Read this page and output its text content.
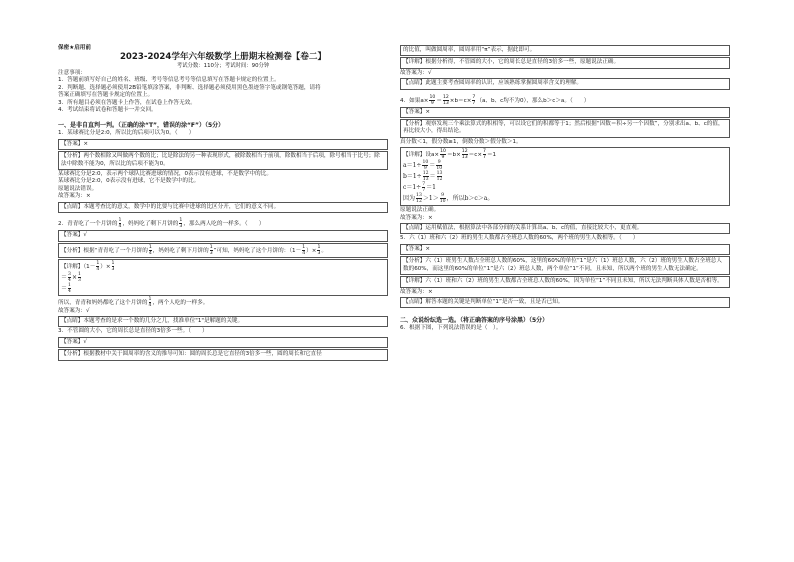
保密★启用前
2023-2024学年六年级数学上册期末检测卷【卷二】
考试分数：110分；考试时间：90分钟
注意事项：
1．答题前填写好自己的姓名、班级、考号等信息考号等信息填写在答题卡规定的位置上。
2．判断题、选择题必须使用2B铅笔填涂答案，非判断、选择题必须使用黑色墨迹签字笔或钢笔答题，请将
答案正确填写在答题卡规定的位置上。
3．所有题目必须在答题卡上作答，在试卷上作答无效。
4．考试结束将试卷和答题卡一并交回。
一、是非自直判一判。（正确的涂“T”，错误的涂“F”）（5分）
1．某球赛比分是2:0，所以比的后项可以为0。（　　）
【答案】×
【分析】两个数相除又叫做两个数的比；比是除法的另一种表现形式，被除数相当于前项，除数相当于后项，除号相当于比号；除法中除数不能为0，所以比的后项不能为0。
某球赛比分是2:0，表示两个球队比赛进球的情况，0表示没有进球，不是数学中的比。
某球赛比分是2:0，0表示没有进球，它不是数学中的比。
原题说法错误。
故答案为：×
【点睛】本题考查比的意义，数学中的比要与比赛中进球的比区分开，它们的意义不同。
2．青青吃了一个月饼的 $\frac{1}{4}$ ，妈妈吃了剩下月饼的 $\frac{1}{3}$ ，那么两人吃的一样多。（　　）
【答案】√
【分析】根据“青青吃了一个月饼的 $\frac{1}{4}$ ，妈妈吃了剩下月饼的 $\frac{1}{3}$ ”可知，妈妈吃了这个月饼的：（$1- \frac{1}{4}$ ）× $\frac{1}{3}$ 。
【详解】（$1- \frac{1}{4}$ ）× $\frac{1}{3}$
＝ $\frac{3}{4} \times \frac{1}{3}$
＝ $\frac{1}{4}$
所以，青青和妈妈都吃了这个月饼的 $\frac{1}{4}$ ，两个人吃的一样多。
故答案为：√
【点睛】本题考查的是求一个数的几分之几，找准单位"1"是解题的关键。
3．不管圆的大小，它的周长总是直径的3倍多一些。（　　）
【答案】√
【分析】根据教材中关于圆周率的含义的推导可知：圆的周长总是它直径的3倍多一些，圆的周长和它直径
的比值，叫做圆周率，圆周率用“π”表示，据此即可。
【详解】根据分析得，不管圆的大小，它的周长总是直径的3倍多一些，原题说法正确。
故答案为：√
【点睛】此题主要考查圆周率的认识，应该熟练掌握圆周率含义的理解。
4．如果$a\times \frac{10}{9} = \frac{12}{13} \times b=c\times \frac{7}{7} (a$、b、c均不为0），那么b＞c＞a。（　　）
【答案】×
【分析】观察发现三个乘法算式的积相等，可以设它们的积都等于1；然后根据“因数＝积÷另一个因数”，分别求出a、b、c的值，再比较大小，得出结论。
真分数＜1，假分数≥1，倒数分数＞假分数＞1。
【详解】设$a\times \frac{10}{9} =b\times \frac{12}{13} =c\times \frac{7}{7} =1$
$a=1\div \frac{10}{9} = \frac{9}{10}$
$b=1\div \frac{12}{13} = \frac{13}{12}$
$c=1\div \frac{7}{7} =1$
因为 $\frac{13}{12} >1> \frac{9}{10}$ ，所以b＞c＞a。
原题说法正确。
故答案为：×
【点睛】运用赋值法，根据算法中各部分间的关系计算出a、b、c的值，直接比较大小，更直观。
5．六（1）班和六（2）班的男生人数都占全班总人数的60%，两个班的男生人数相等。（　　）
【答案】×
【分析】六（1）班男生人数占全班总人数的60%，这里的60%的单位“1”是六（1）班总人数，六（2）班的男生人数占全班总人数的60%，而这里的60%的单位“1”是六（2）班总人数，两个单位“1”不同，且未知，所以两个班的男生人数无法确定。
【详解】六（1）班和六（2）班的男生人数都占全班总人数的60%，因为单位“1”不同且未知，所以无法判断具体人数是否相等。
故答案为：×
【点睛】解答本题的关键是判断单位“1”是否一致，且是否已知。
二、众说纷纭选一选。（将正确答案的序号涂黑）（5分）
6．根据下图，下列说法错误的是（　）。
